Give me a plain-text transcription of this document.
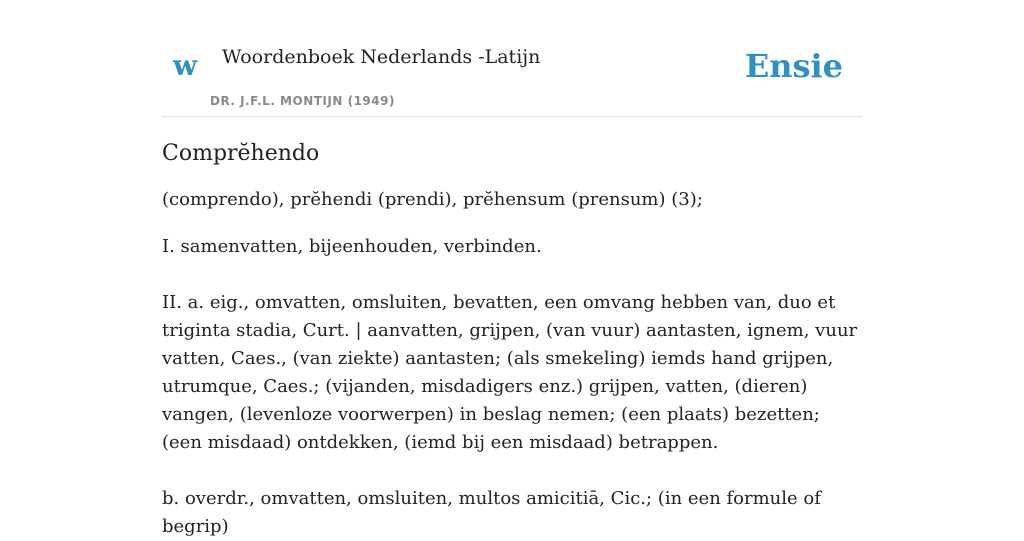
w Woordenboek Nederlands -Latijn
DR. J.F.L. MONTIJN (1949)
Ensie
Comprĕhendo

(comprendo), prĕhendi (prendi), prĕhensum (prensum) (3);

I. samenvatten, bijeenhouden, verbinden.

II. a. eig., omvatten, omsluiten, bevatten, een omvang hebben van, duo et triginta stadia, Curt. | aanvatten, grijpen, (van vuur) aantasten, ignem, vuur vatten, Caes., (van ziekte) aantasten; (als smekeling) iemds hand grijpen, utrumque, Caes.; (vijanden, misdadigers enz.) grijpen, vatten, (dieren) vangen, (levenloze voorwerpen) in beslag nemen; (een plaats) bezetten; (een misdaad) ontdekken, (iemd bij een misdaad) betrappen.

b. overdr., omvatten, omsluiten, multos amicitiā, Cic.; (in een formule of begrip)
